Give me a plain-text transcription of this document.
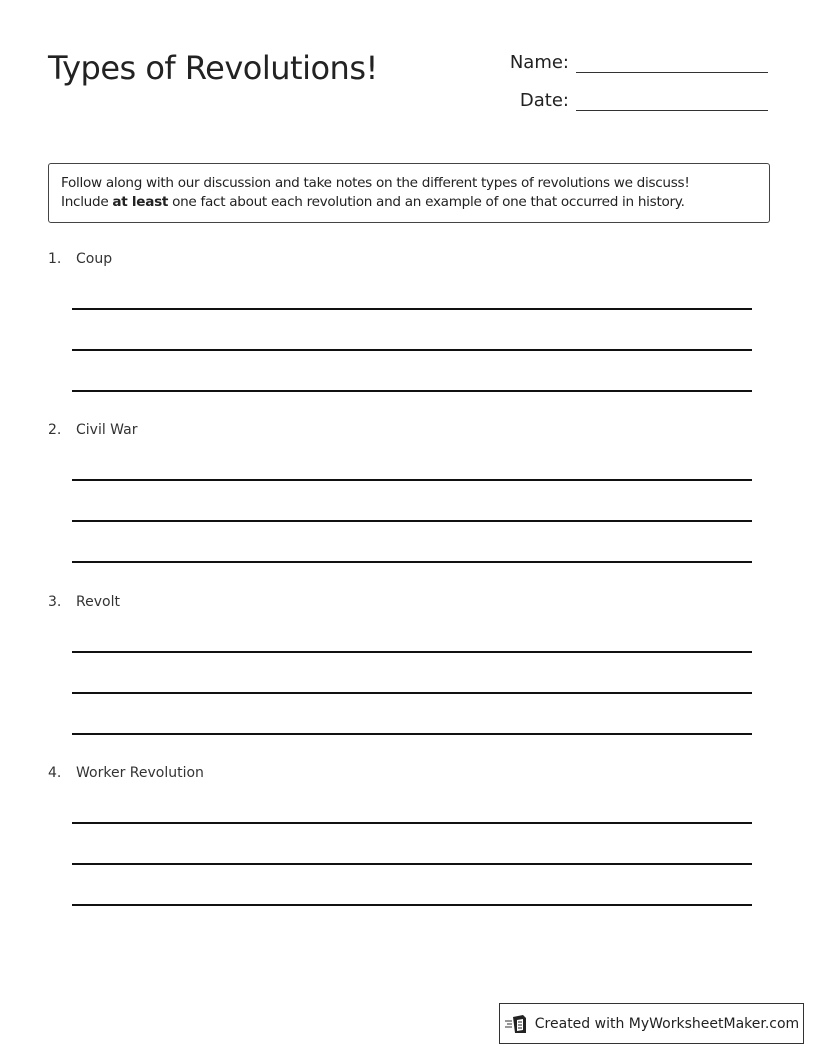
Types of Revolutions!	Name:
Date:
Follow along with our discussion and take notes on the different types of revolutions we discuss!
Include at least one fact about each revolution and an example of one that occurred in history.
1.	Coup
2.	Civil War
3.	Revolt
4.	Worker Revolution
Created with MyWorksheetMaker.com
